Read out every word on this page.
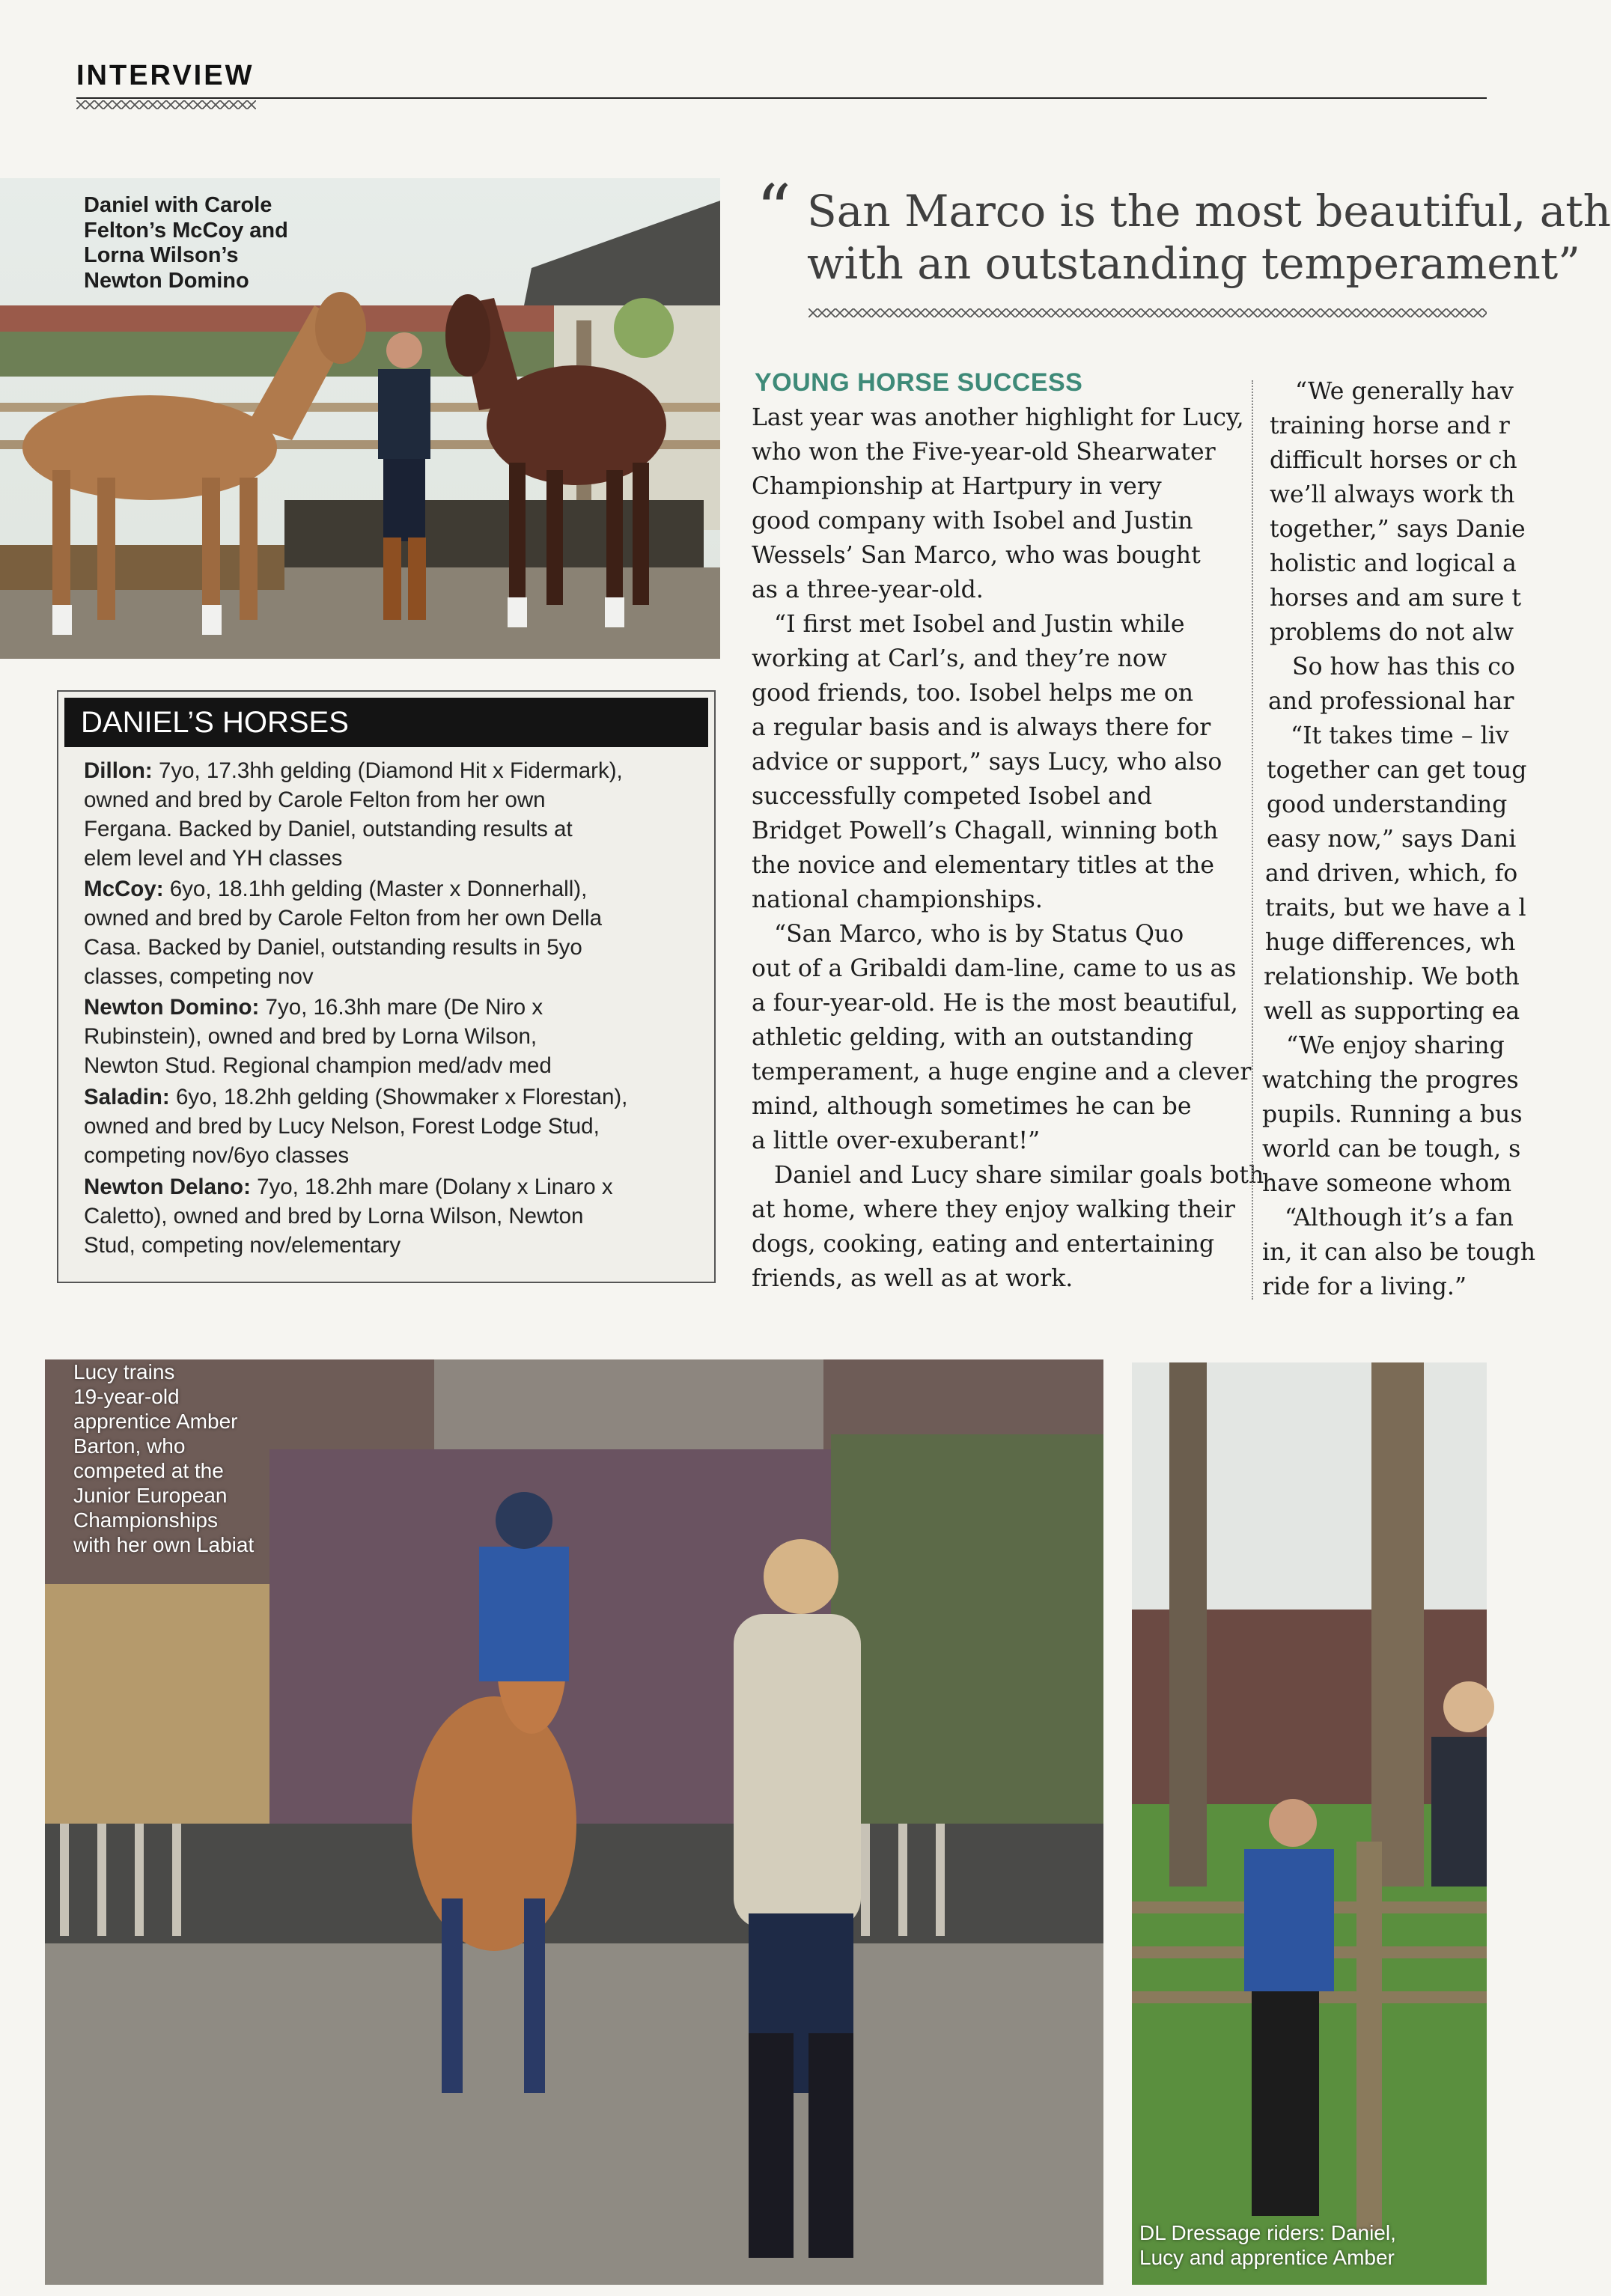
INTERVIEW
Daniel with Carole
Felton’s McCoy and
Lorna Wilson’s
Newton Domino
“ San Marco is the most beautiful, ath
with an outstanding temperament”
DANIEL’S HORSES
Dillon: 7yo, 17.3hh gelding (Diamond Hit x Fidermark),
owned and bred by Carole Felton from her own
Fergana. Backed by Daniel, outstanding results at
elem level and YH classes
McCoy: 6yo, 18.1hh gelding (Master x Donnerhall),
owned and bred by Carole Felton from her own Della
Casa. Backed by Daniel, outstanding results in 5yo
classes, competing nov
Newton Domino: 7yo, 16.3hh mare (De Niro x
Rubinstein), owned and bred by Lorna Wilson,
Newton Stud. Regional champion med/adv med
Saladin: 6yo, 18.2hh gelding (Showmaker x Florestan),
owned and bred by Lucy Nelson, Forest Lodge Stud,
competing nov/6yo classes
Newton Delano: 7yo, 18.2hh mare (Dolany x Linaro x
Caletto), owned and bred by Lorna Wilson, Newton
Stud, competing nov/elementary
YOUNG HORSE SUCCESS
Last year was another highlight for Lucy,
who won the Five-year-old Shearwater
Championship at Hartpury in very
good company with Isobel and Justin
Wessels’ San Marco, who was bought
as a three-year-old.
“I first met Isobel and Justin while
working at Carl’s, and they’re now
good friends, too. Isobel helps me on
a regular basis and is always there for
advice or support,” says Lucy, who also
successfully competed Isobel and
Bridget Powell’s Chagall, winning both
the novice and elementary titles at the
national championships.
“San Marco, who is by Status Quo
out of a Gribaldi dam-line, came to us as
a four-year-old. He is the most beautiful,
athletic gelding, with an outstanding
temperament, a huge engine and a clever
mind, although sometimes he can be
a little over-exuberant!”
Daniel and Lucy share similar goals both
at home, where they enjoy walking their
dogs, cooking, eating and entertaining
friends, as well as at work.
“We generally hav
training horse and r
difficult horses or ch
we’ll always work th
together,” says Danie
holistic and logical a
horses and am sure t
problems do not alw
So how has this co
and professional har
“It takes time – liv
together can get toug
good understanding
easy now,” says Dani
and driven, which, fo
traits, but we have a l
huge differences, wh
relationship. We both
well as supporting ea
“We enjoy sharing
watching the progres
pupils. Running a bus
world can be tough, s
have someone whom
“Although it’s a fan
in, it can also be tough
ride for a living.”
Lucy trains
19-year-old
apprentice Amber
Barton, who
competed at the
Junior European
Championships
with her own Labiat
DL Dressage riders: Daniel,
Lucy and apprentice Amber
